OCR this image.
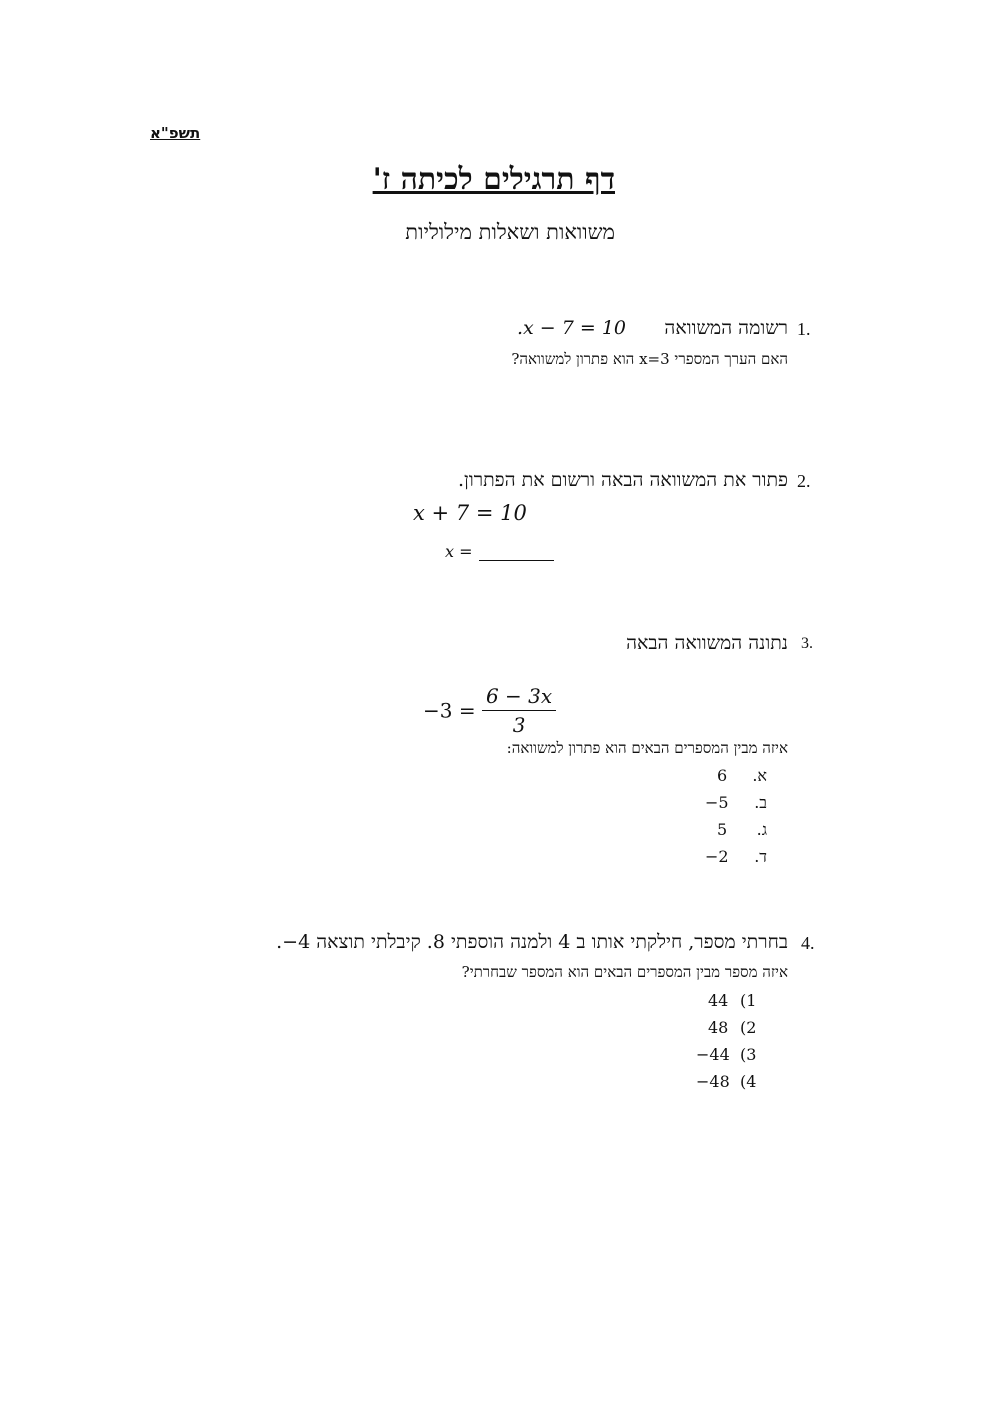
תשפ"א
דף תרגילים לכיתה ז'
משוואות ושאלות מילוליות
1.
רשומה המשוואה
.x − 7 = 10
האם הערך המספרי x=3 הוא פתרון למשוואה?
2.
פתור את המשוואה הבאה ורשום את הפתרון.
x + 7 = 10
x =
3.
נתונה המשוואה הבאה
$-3 = \frac{6 - 3x}{3}$
איזה מבין המספרים הבאים הוא פתרון למשוואה:
6 א.
−5 ב.
5 ג.
−2 ד.
4.
בחרתי מספר, חילקתי אותו ב 4 ולמנה הוספתי 8. קיבלתי תוצאה 4−.
איזה מספר מבין המספרים הבאים הוא המספר שבחרתי?
44 (1
48 (2
−44 (3
−48 (4
